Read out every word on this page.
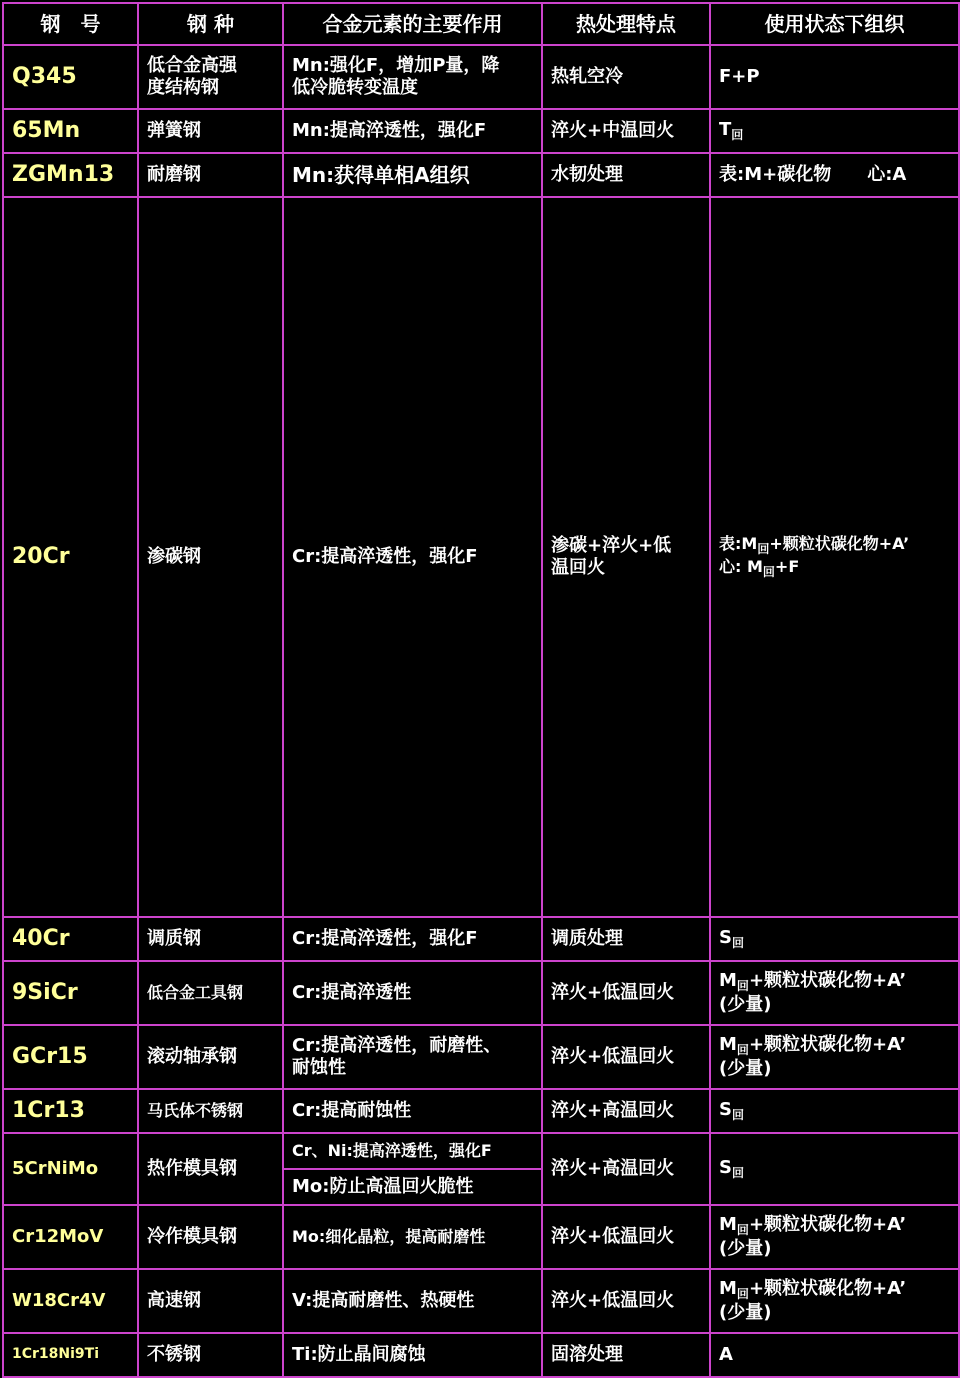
钢　号	钢 种	合金元素的主要作用	热处理特点	使用状态下组织
Q345	低合金高强
度结构钢	Mn:强化F，增加P量，降
低冷脆转变温度	热轧空冷	F+P

65Mn	弹簧钢	Mn:提高淬透性，强化F	淬火+中温回火	$T_回$

ZGMn13	耐磨钢	Mn:获得单相A组织	水韧处理	表:M+碳化物　　心:A

20Cr	渗碳钢	Cr:提高淬透性，强化F	渗碳+淬火+低
温回火	表$:M_回+$颗粒状碳化物+A’
心: $M_回+F$

40Cr	调质钢	Cr:提高淬透性，强化F	调质处理	$S_回$

9SiCr	低合金工具钢	Cr:提高淬透性	淬火+低温回火	$M_回+$颗粒状碳化物+A’
(少量)

GCr15	滚动轴承钢	Cr:提高淬透性，耐磨性、
耐蚀性	淬火+低温回火	$M_回+$颗粒状碳化物+A’
(少量)

1Cr13	马氏体不锈钢	Cr:提高耐蚀性	淬火+高温回火	$S_回$

5CrNiMo	热作模具钢	Cr、Ni:提高淬透性，强化F	淬火+高温回火	$S_回$

		Mo:防止高温回火脆性		
Cr12MoV	冷作模具钢	Mo:细化晶粒，提高耐磨性	淬火+低温回火	$M_回+$颗粒状碳化物+A’
(少量)

W18Cr4V	高速钢	V:提高耐磨性、热硬性	淬火+低温回火	$M_回+$颗粒状碳化物+A’
(少量)

1Cr18Ni9Ti	不锈钢	Ti:防止晶间腐蚀	固溶处理	A
